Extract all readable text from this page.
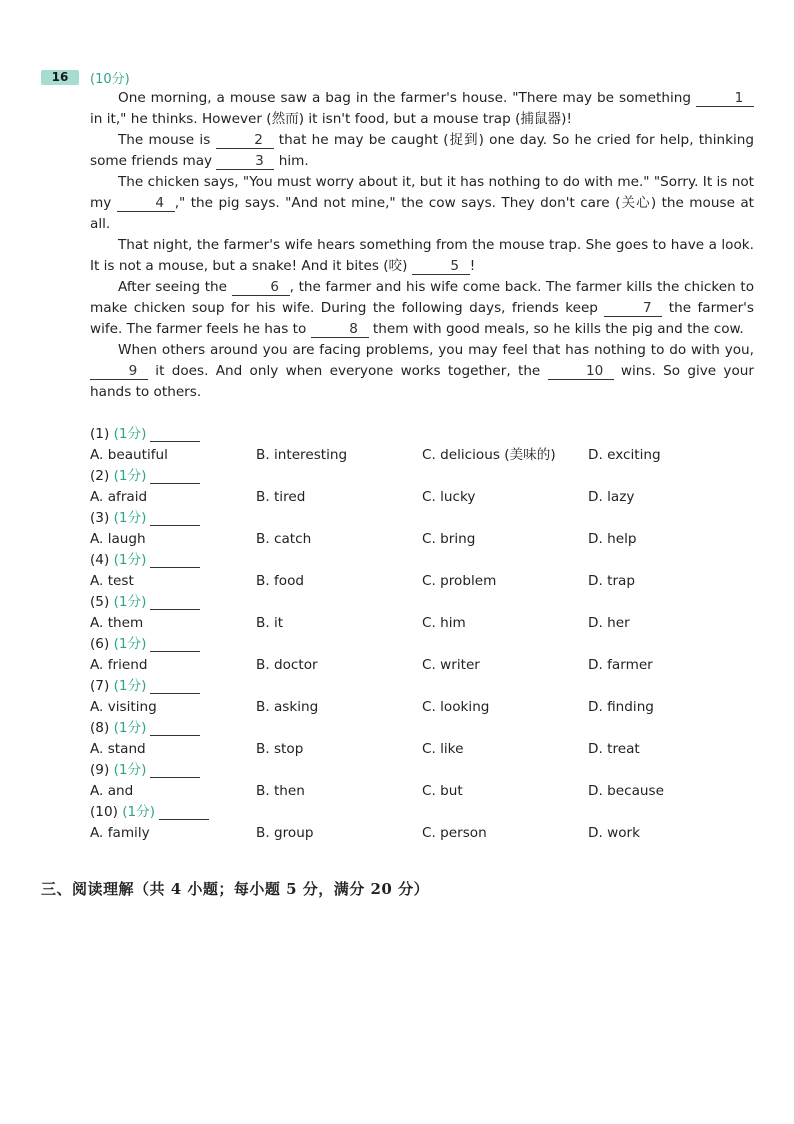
16	(10分)

One morning, a mouse saw a bag in the farmer's house. "There may be something	1 in it," he thinks. However (然而) it isn't food, but a mouse trap (捕鼠器)!

The mouse is	2 that he may be caught (捉到) one day. So he cried for help, thinking some friends may	3 him.

The chicken says, "You must worry about it, but it has nothing to do with me." "Sorry. It is not my	4 ," the pig says. "And not mine," the cow says. They don't care (关心) the mouse at all.

That night, the farmer's wife hears something from the mouse trap. She goes to have a look. It is not a mouse, but a snake! And it bites (咬)	5 !

After seeing the	6 , the farmer and his wife come back. The farmer kills the chicken to make chicken soup for his wife. During the following days, friends keep	7 the farmer's wife. The farmer feels he has to	8 them with good meals, so he kills the pig and the cow.

When others around you are facing problems, you may feel that has nothing to do with you, 9 it does. And only when everyone works together, the	10 wins. So give your hands to others.

(1) (1分)
A. beautiful	B. interesting	C. delicious (美味的) D. exciting
(2) (1分)
A. afraid	B. tired	C. lucky	D. lazy
(3) (1分)
A. laugh	B. catch	C. bring	D. help
(4) (1分)
A. test	B. food	C. problem	D. trap
(5) (1分)
A. them	B. it	C. him	D. her
(6) (1分)
A. friend	B. doctor	C. writer	D. farmer
(7) (1分)
A. visiting	B. asking	C. looking	D. finding
(8) (1分)
A. stand	B. stop	C. like	D. treat
(9) (1分)
A. and	B. then	C. but	D. because
(10) (1分)
A. family	B. group	C. person	D. work
三、阅读理解（共 4 小题；每小题 5 分，满分 20 分）
